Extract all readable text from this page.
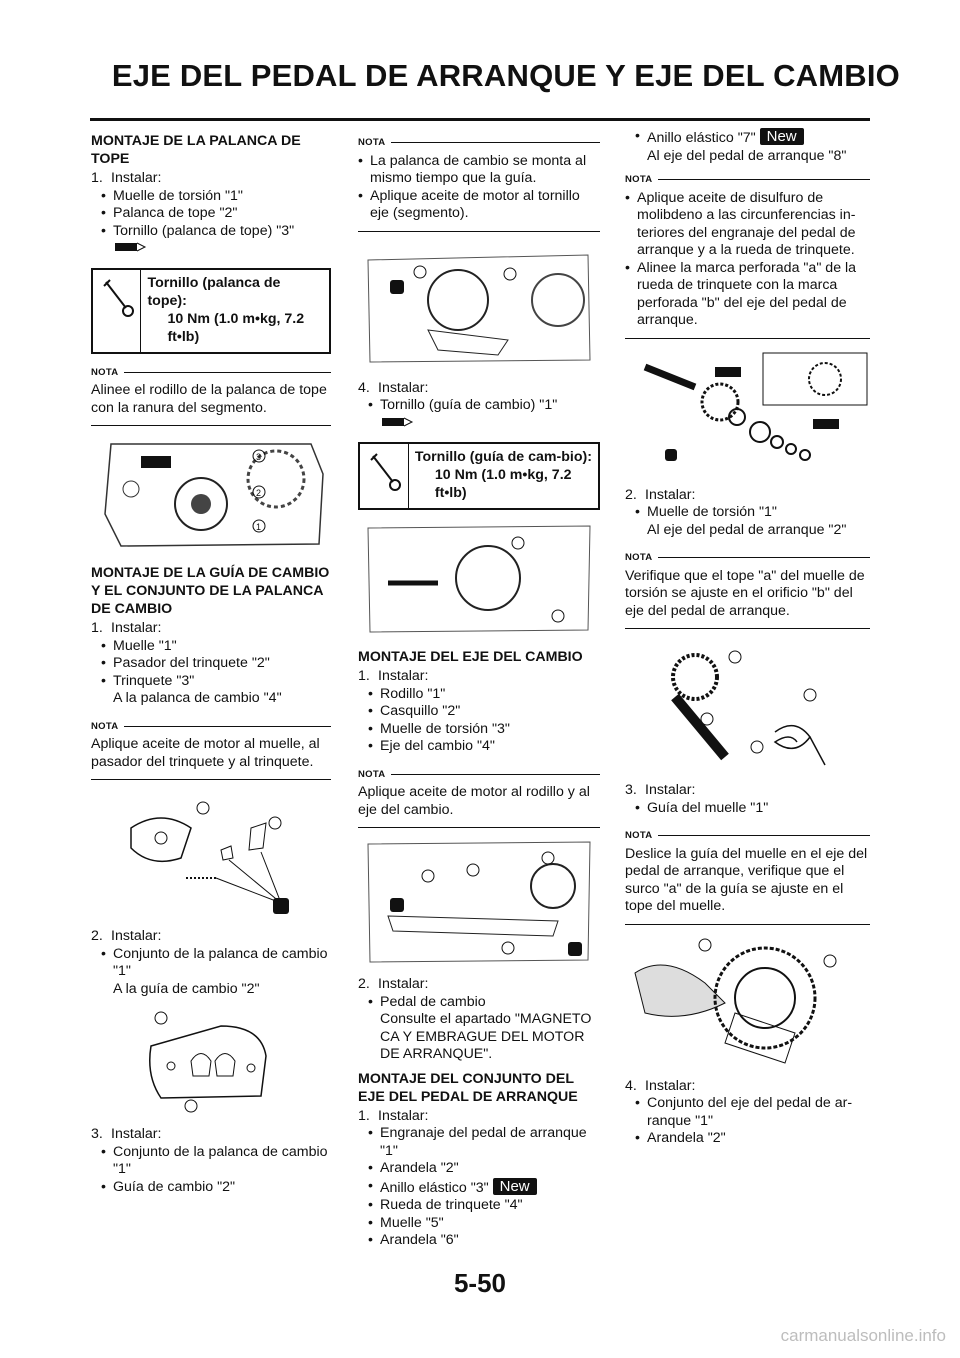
EJE DEL PEDAL DE ARRANQUE Y EJE DEL CAMBIO
MONTAJE DE LA PALANCA DE TOPE

1. Instalar:

• Muelle de torsión "1"

• Palanca de tope "2"

• Tornillo (palanca de tope) "3"

Tornillo (palanca de tope):
10 Nm (1.0 m•kg, 7.2 ft•lb)
NOTA
Alinee el rodillo de la palanca de tope con la ranura del segmento.
3
2
1
MONTAJE DE LA GUÍA DE CAMBIO Y EL CONJUNTO DE LA PALANCA DE CAMBIO

1. Instalar:

• Muelle "1"

• Pasador del trinquete "2"

• Trinquete "3"

A la palanca de cambio "4"

NOTA
Aplique aceite de motor al muelle, al pasador del trinquete y al trinquete.

2. Instalar:

• Conjunto de la palanca de cambio "1"

A la guía de cambio "2"

3. Instalar:

• Conjunto de la palanca de cambio "1"

• Guía de cambio "2"

NOTA

• La palanca de cambio se monta al mismo tiempo que la guía.

• Aplique aceite de motor al tornillo eje (segmento).

4. Instalar:

• Tornillo (guía de cambio) "1"

Tornillo (guía de cam-bio):
10 Nm (1.0 m•kg, 7.2 ft•lb)
MONTAJE DEL EJE DEL CAMBIO

1. Instalar:

• Rodillo "1"

• Casquillo "2"

• Muelle de torsión "3"

• Eje del cambio "4"

NOTA
Aplique aceite de motor al rodillo y al eje del cambio.

2. Instalar:

• Pedal de cambio

Consulte el apartado "MAGNETO CA Y EMBRAGUE DEL MOTOR DE ARRANQUE".

MONTAJE DEL CONJUNTO DEL EJE DEL PEDAL DE ARRANQUE

1. Instalar:

• Engranaje del pedal de arranque "1"

• Arandela "2"

• Anillo elástico "3" New

• Rueda de trinquete "4"

• Muelle "5"

• Arandela "6"

• Anillo elástico "7" New

Al eje del pedal de arranque "8"

NOTA

• Aplique aceite de disulfuro de molibdeno a las circunferencias in-teriores del engranaje del pedal de arranque y a la rueda de trinquete.

• Alinee la marca perforada "a" de la rueda de trinquete con la marca perforada "b" del eje del pedal de arranque.

2. Instalar:

• Muelle de torsión "1"

Al eje del pedal de arranque "2"

NOTA
Verifique que el tope "a" del muelle de torsión se ajuste en el orificio "b" del eje del pedal de arranque.

3. Instalar:

• Guía del muelle "1"

NOTA
Deslice la guía del muelle en el eje del pedal de arranque, verifique que el surco "a" de la guía se ajuste en el tope del muelle.

4. Instalar:

• Conjunto del eje del pedal de ar-ranque "1"

• Arandela "2"

5-50
carmanualsonline.info
